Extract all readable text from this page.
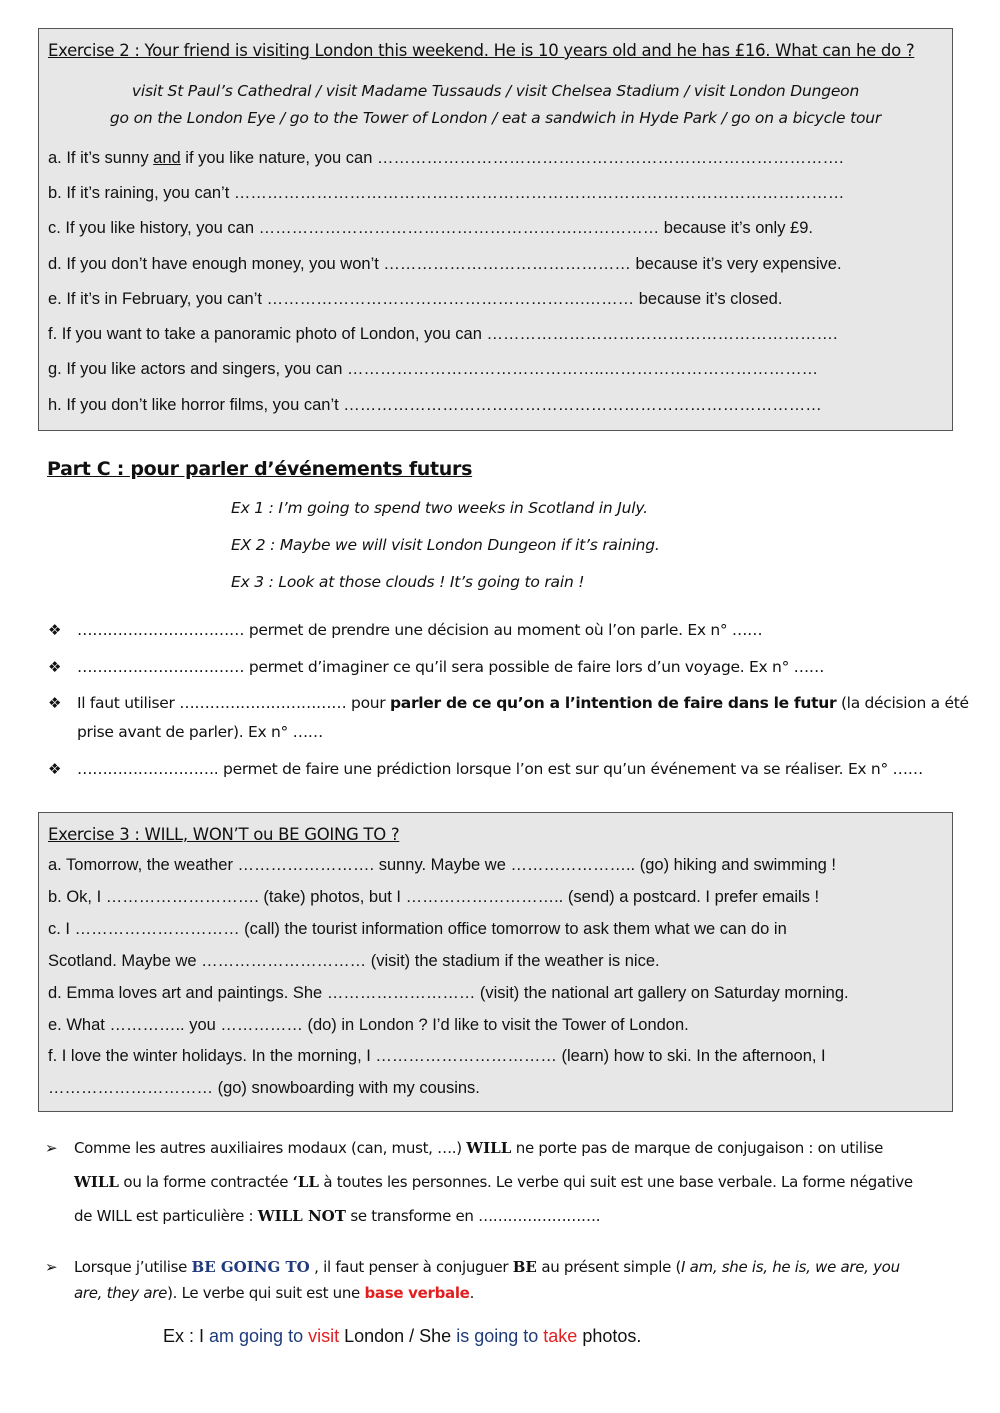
Exercise 2 : Your friend is visiting London this weekend. He is 10 years old and he has £16. What can he do ?
visit St Paul’s Cathedral / visit Madame Tussauds / visit Chelsea Stadium / visit London Dungeon
go on the London Eye / go to the Tower of London / eat a sandwich in Hyde Park / go on a bicycle tour
a. If it’s sunny and if you like nature, you can ………………………………………………………………………….
b. If it’s raining, you can’t …………………………………………………………………………………………………
c. If you like history, you can ………………………………………………….…………… because it’s only £9.
d. If you don’t have enough money, you won’t ……………………………………… because it’s very expensive.
e. If it’s in February, you can’t ………………………………………………….……… because it’s closed.
f. If you want to take a panoramic photo of London, you can ……………………………………………………….
g. If you like actors and singers, you can ………………………………………..…………………………………
h. If you don’t like horror films, you can’t ……………………………………………………………………………
Part C : pour parler d’événements futurs
Ex 1 : I’m going to spend two weeks in Scotland in July.
EX 2 : Maybe we will visit London Dungeon if it’s raining.
Ex 3 : Look at those clouds ! It’s going to rain !
❖ …………………………… permet de prendre une décision au moment où l’on parle. Ex n° ……
❖ …………………………… permet d’imaginer ce qu’il sera possible de faire lors d’un voyage. Ex n° ……
❖ Il faut utiliser …………………………… pour parler de ce qu’on a l’intention de faire dans le futur (la décision a été
prise avant de parler). Ex n° ……
❖ ………………………. permet de faire une prédiction lorsque l’on est sur qu’un événement va se réaliser. Ex n° ……
Exercise 3 : WILL, WON’T ou BE GOING TO ?
a. Tomorrow, the weather ……………………. sunny. Maybe we ………………….. (go) hiking and swimming !
b. Ok, I ………………………. (take) photos, but I ……………………….. (send) a postcard. I prefer emails !
c. I ………………………… (call) the tourist information office tomorrow to ask them what we can do in
Scotland. Maybe we ………………………… (visit) the stadium if the weather is nice.
d. Emma loves art and paintings. She ……………………… (visit) the national art gallery on Saturday morning.
e. What ………….. you …………… (do) in London ? I’d like to visit the Tower of London.
f. I love the winter holidays. In the morning, I …………………………… (learn) how to ski. In the afternoon, I
………………………… (go) snowboarding with my cousins.
➢ Comme les autres auxiliaires modaux (can, must, ….) WILL ne porte pas de marque de conjugaison : on utilise
WILL ou la forme contractée ‘LL à toutes les personnes. Le verbe qui suit est une base verbale. La forme négative
de WILL est particulière : WILL NOT se transforme en …………………….
➢ Lorsque j’utilise BE GOING TO , il faut penser à conjuguer BE au présent simple (I am, she is, he is, we are, you
are, they are). Le verbe qui suit est une base verbale.
Ex : I am going to visit London / She is going to take photos.
